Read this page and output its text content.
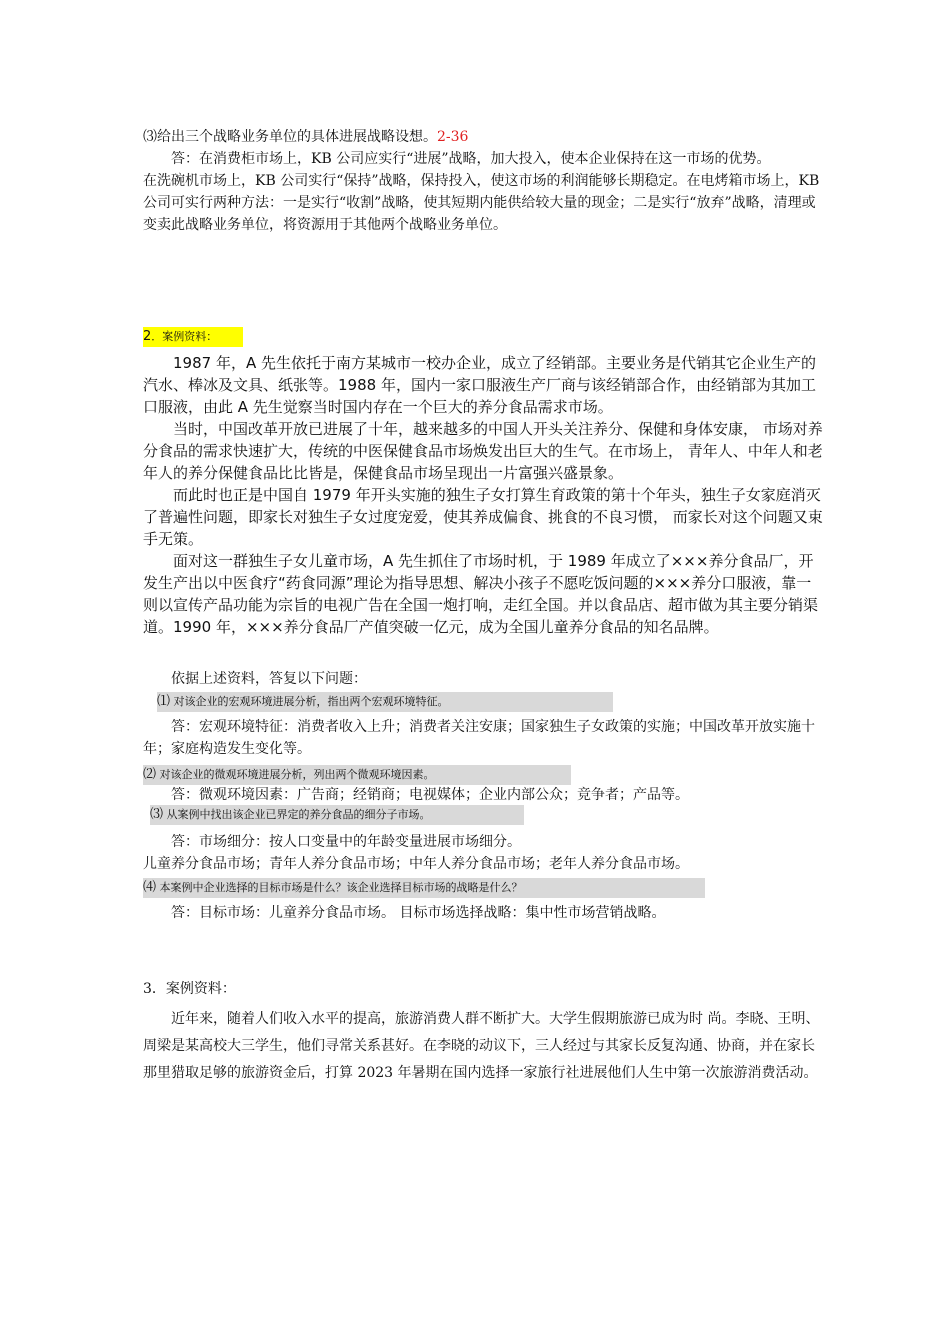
⑶给出三个战略业务单位的具体进展战略设想。2-36

答：在消费柜市场上，KB 公司应实行“进展”战略，加大投入，使本企业保持在这一市场的优势。

在洗碗机市场上，KB 公司实行“保持”战略，保持投入，使这市场的利润能够长期稳定。在电烤箱市场上，KB 公司可实行两种方法：一是实行“收割”战略，使其短期内能供给较大量的现金；二是实行“放弃”战略，清理或变卖此战略业务单位，将资源用于其他两个战略业务单位。

2．案例资料：

1987 年，A 先生依托于南方某城市一校办企业，成立了经销部。主要业务是代销其它企业生产的汽水、棒冰及文具、纸张等。1988 年，国内一家口服液生产厂商与该经销部合作，由经销部为其加工口服液，由此 A 先生觉察当时国内存在一个巨大的养分食品需求市场。

当时，中国改革开放已进展了十年，越来越多的中国人开头关注养分、保健和身体安康， 市场对养分食品的需求快速扩大，传统的中医保健食品市场焕发出巨大的生气。在市场上， 青年人、中年人和老年人的养分保健食品比比皆是，保健食品市场呈现出一片富强兴盛景象。

而此时也正是中国自 1979 年开头实施的独生子女打算生育政策的第十个年头，独生子女家庭消灭了普遍性问题，即家长对独生子女过度宠爱，使其养成偏食、挑食的不良习惯， 而家长对这个问题又束手无策。

面对这一群独生子女儿童市场，A 先生抓住了市场时机，于 1989 年成立了×××养分食品厂，开发生产出以中医食疗“药食同源”理论为指导思想、解决小孩子不愿吃饭问题的×××养分口服液，靠一则以宣传产品功能为宗旨的电视广告在全国一炮打响，走红全国。并以食品店、超市做为其主要分销渠道。1990 年，×××养分食品厂产值突破一亿元，成为全国儿童养分食品的知名品牌。

依据上述资料，答复以下问题：

⑴ 对该企业的宏观环境进展分析，指出两个宏观环境特征。

答：宏观环境特征：消费者收入上升；消费者关注安康；国家独生子女政策的实施；中国改革开放实施十年；家庭构造发生变化等。

⑵ 对该企业的微观环境进展分析，列出两个微观环境因素。

答：微观环境因素：广告商；经销商；电视媒体；企业内部公众；竞争者；产品等。

⑶ 从案例中找出该企业已界定的养分食品的细分子市场。

答：市场细分：按人口变量中的年龄变量进展市场细分。

儿童养分食品市场；青年人养分食品市场；中年人养分食品市场；老年人养分食品市场。

⑷ 本案例中企业选择的目标市场是什么？该企业选择目标市场的战略是什么？

答：目标市场：儿童养分食品市场。 目标市场选择战略：集中性市场营销战略。

3．案例资料：

近年来，随着人们收入水平的提高，旅游消费人群不断扩大。大学生假期旅游已成为时 尚。李晓、王明、周梁是某高校大三学生，他们寻常关系甚好。在李晓的动议下，三人经过与其家长反复沟通、协商，并在家长那里猎取足够的旅游资金后，打算 2023 年暑期在国内选择一家旅行社进展他们人生中第一次旅游消费活动。
